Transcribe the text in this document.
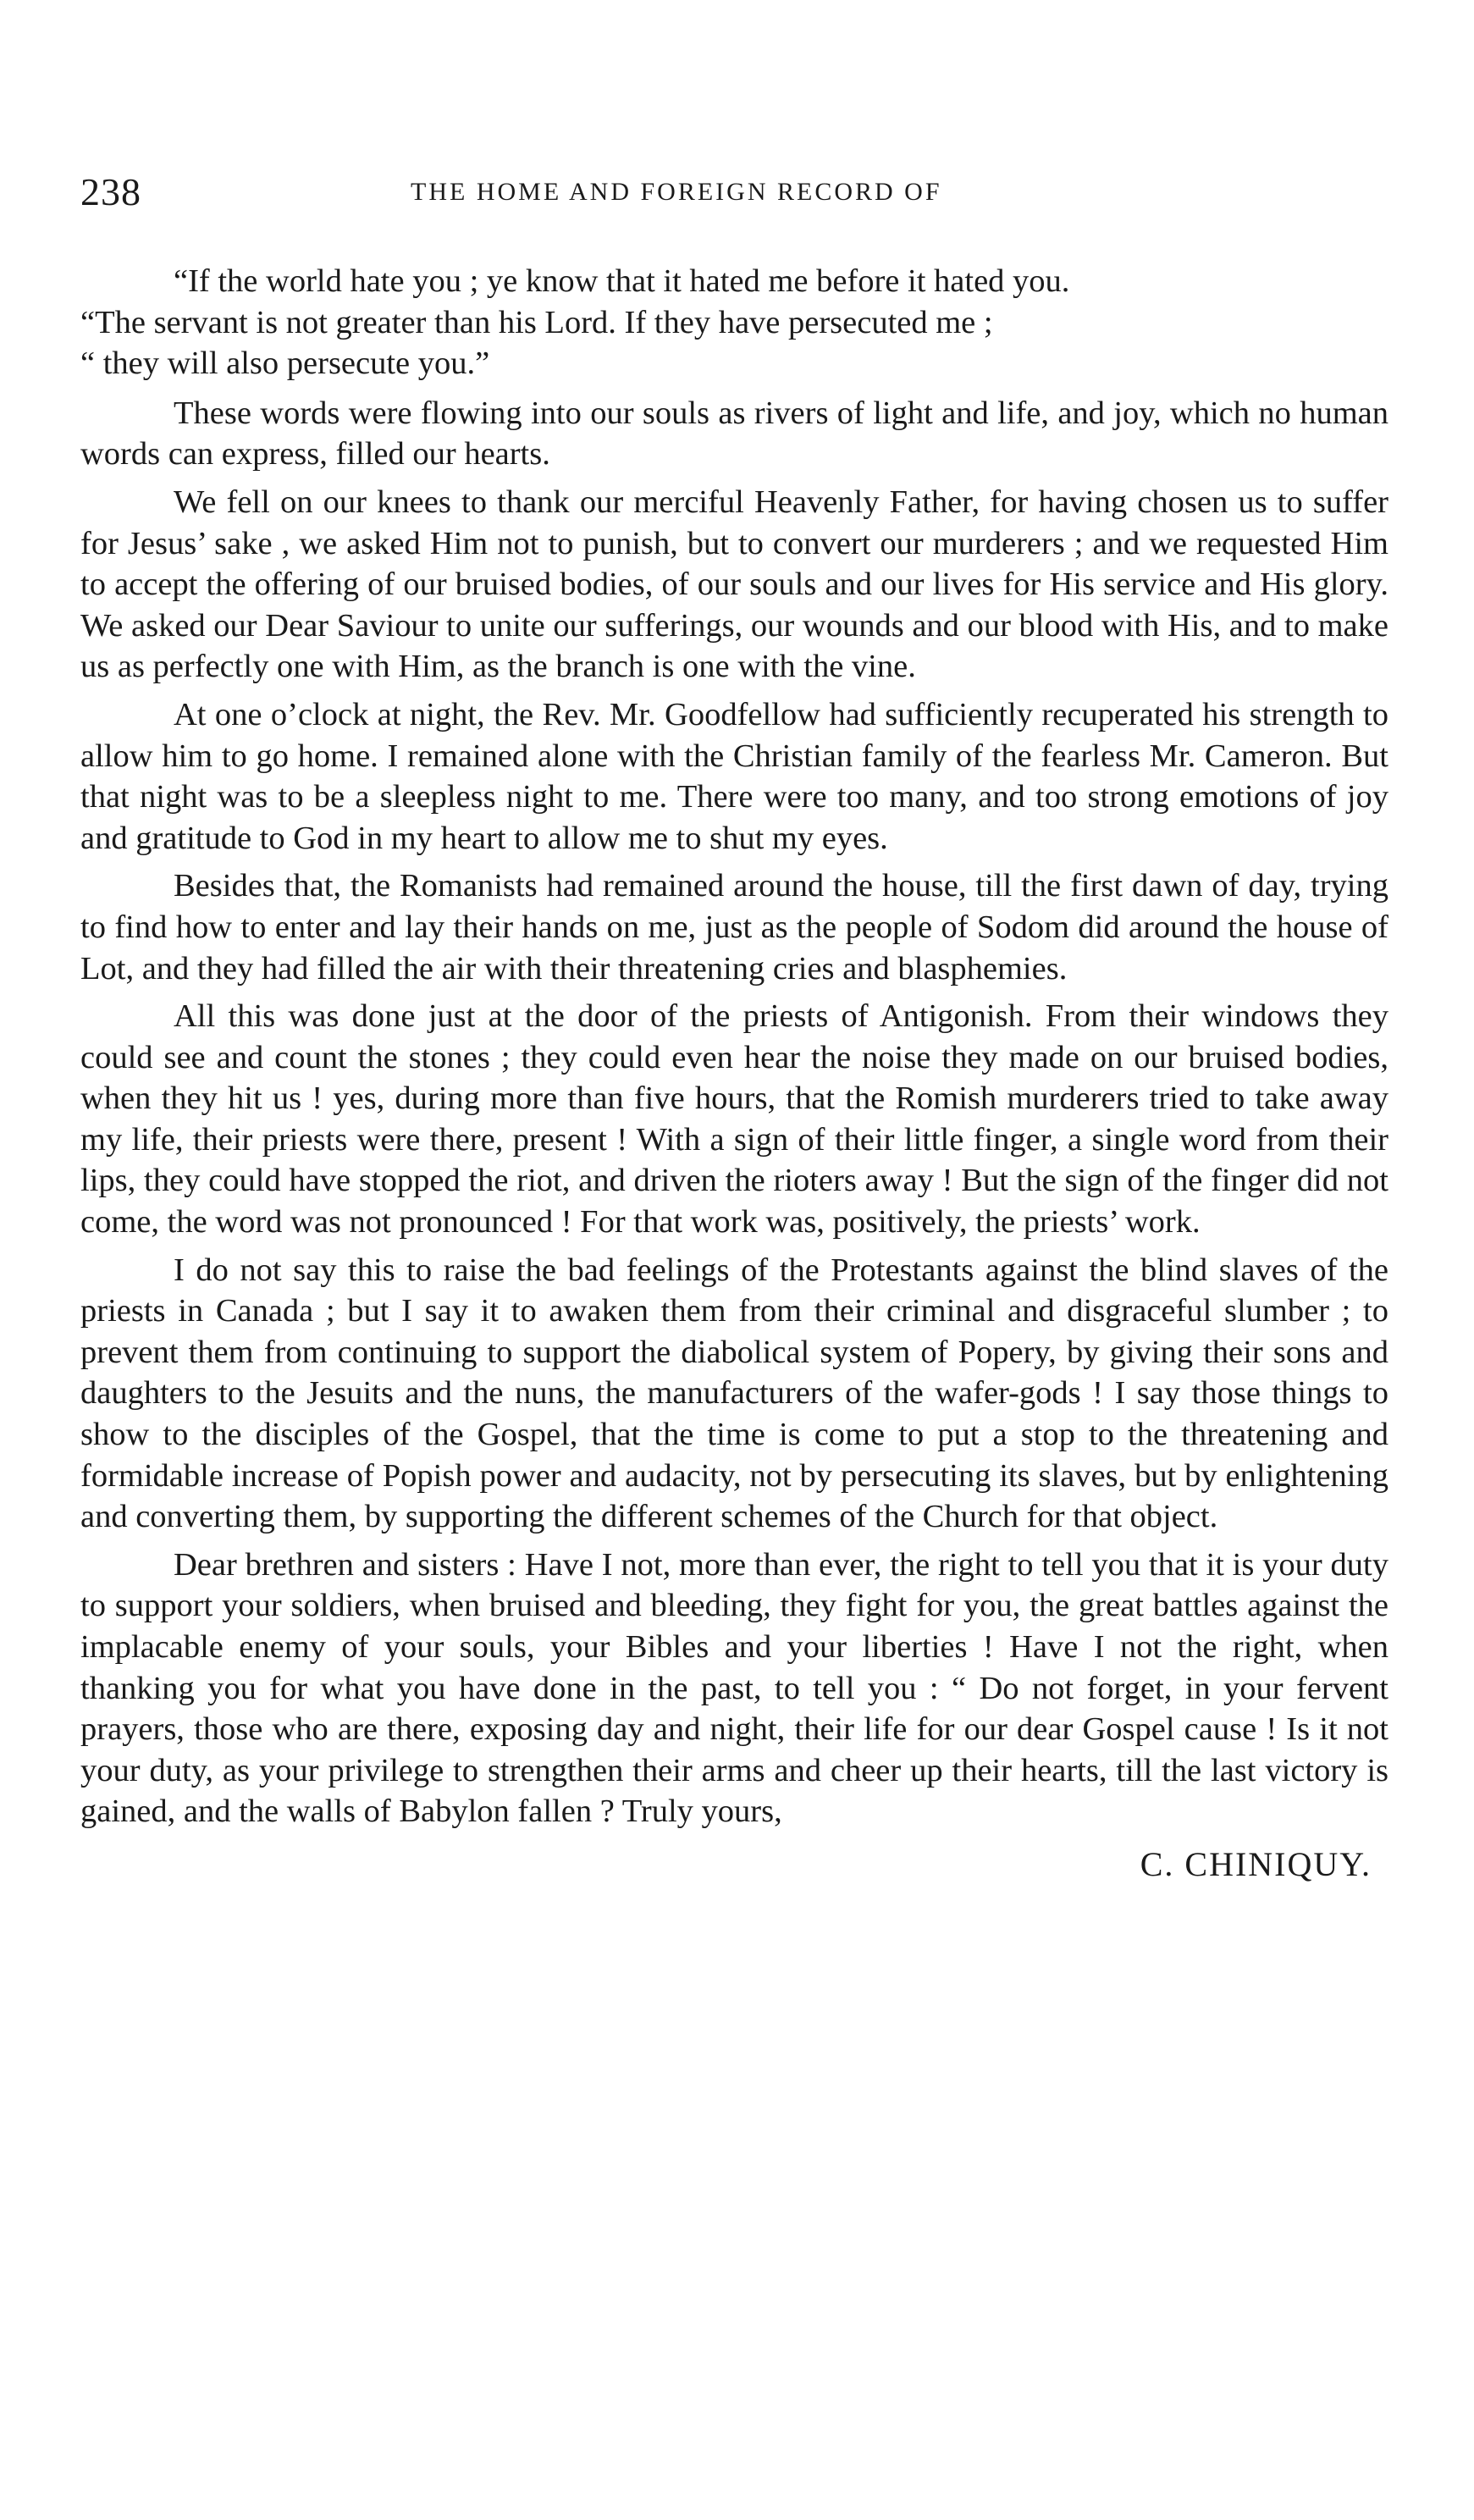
238	THE HOME AND FOREIGN RECORD OF

“If the world hate you ; ye know that it hated me before it hated you.

“The servant is not greater than his Lord. If they have persecuted me ;

“ they will also persecute you.”

These words were flowing into our souls as rivers of light and life, and joy, which no human words can express, filled our hearts.

We fell on our knees to thank our merciful Heavenly Father, for having chosen us to suffer for Jesus’ sake , we asked Him not to punish, but to convert our murderers ; and we requested Him to accept the offering of our bruised bodies, of our souls and our lives for His service and His glory. We asked our Dear Saviour to unite our sufferings, our wounds and our blood with His, and to make us as perfectly one with Him, as the branch is one with the vine.

At one o’clock at night, the Rev. Mr. Goodfellow had sufficiently recuperated his strength to allow him to go home. I remained alone with the Christian family of the fearless Mr. Cameron. But that night was to be a sleepless night to me. There were too many, and too strong emotions of joy and gratitude to God in my heart to allow me to shut my eyes.

Besides that, the Romanists had remained around the house, till the first dawn of day, trying to find how to enter and lay their hands on me, just as the people of Sodom did around the house of Lot, and they had filled the air with their threatening cries and blasphemies.

All this was done just at the door of the priests of Antigonish. From their windows they could see and count the stones ; they could even hear the noise they made on our bruised bodies, when they hit us ! yes, during more than five hours, that the Romish murderers tried to take away my life, their priests were there, present ! With a sign of their little finger, a single word from their lips, they could have stopped the riot, and driven the rioters away ! But the sign of the finger did not come, the word was not pronounced ! For that work was, positively, the priests’ work.

I do not say this to raise the bad feelings of the Protestants against the blind slaves of the priests in Canada ; but I say it to awaken them from their criminal and disgraceful slumber ; to prevent them from continuing to support the diabolical system of Popery, by giving their sons and daughters to the Jesuits and the nuns, the manufacturers of the wafer-gods ! I say those things to show to the disciples of the Gospel, that the time is come to put a stop to the threatening and formidable increase of Popish power and audacity, not by persecuting its slaves, but by enlightening and converting them, by supporting the different schemes of the Church for that object.

Dear brethren and sisters : Have I not, more than ever, the right to tell you that it is your duty to support your soldiers, when bruised and bleeding, they fight for you, the great battles against the implacable enemy of your souls, your Bibles and your liberties ! Have I not the right, when thanking you for what you have done in the past, to tell you : “ Do not forget, in your fervent prayers, those who are there, exposing day and night, their life for our dear Gospel cause ! Is it not your duty, as your privilege to strengthen their arms and cheer up their hearts, till the last victory is gained, and the walls of Babylon fallen ? Truly yours,

C. CHINIQUY.
